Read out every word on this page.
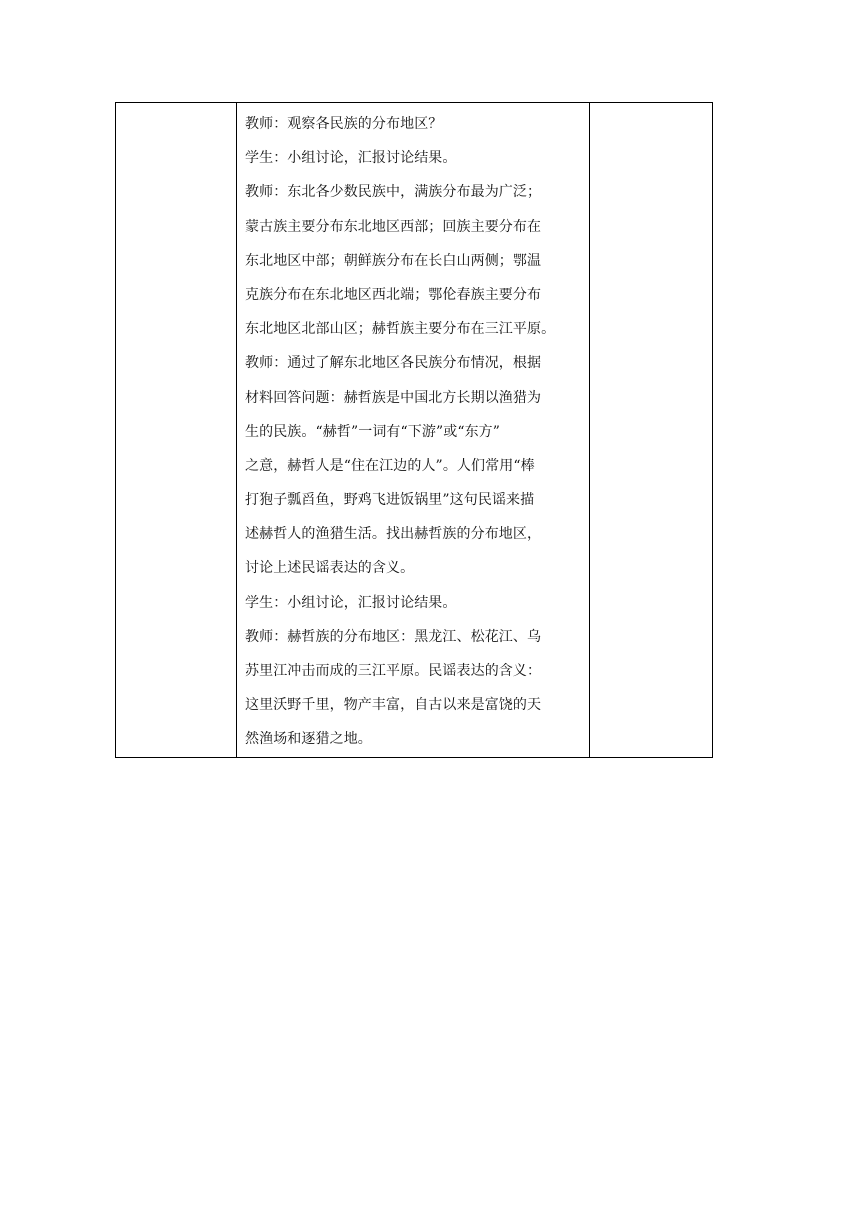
教师：观察各民族的分布地区？
学生：小组讨论，汇报讨论结果。
教师：东北各少数民族中，满族分布最为广泛；
蒙古族主要分布东北地区西部；回族主要分布在
东北地区中部；朝鲜族分布在长白山两侧；鄂温
克族分布在东北地区西北端；鄂伦春族主要分布
东北地区北部山区；赫哲族主要分布在三江平原。
教师：通过了解东北地区各民族分布情况，根据
材料回答问题：赫哲族是中国北方长期以渔猎为
生的民族。“赫哲”一词有“下游”或“东方”
之意，赫哲人是“住在江边的人”。人们常用“棒
打狍子瓢舀鱼，野鸡飞进饭锅里”这句民谣来描
述赫哲人的渔猎生活。找出赫哲族的分布地区，
讨论上述民谣表达的含义。
学生：小组讨论，汇报讨论结果。
教师：赫哲族的分布地区：黑龙江、松花江、乌
苏里江冲击而成的三江平原。民谣表达的含义：
这里沃野千里，物产丰富，自古以来是富饶的天
然渔场和逐猎之地。
